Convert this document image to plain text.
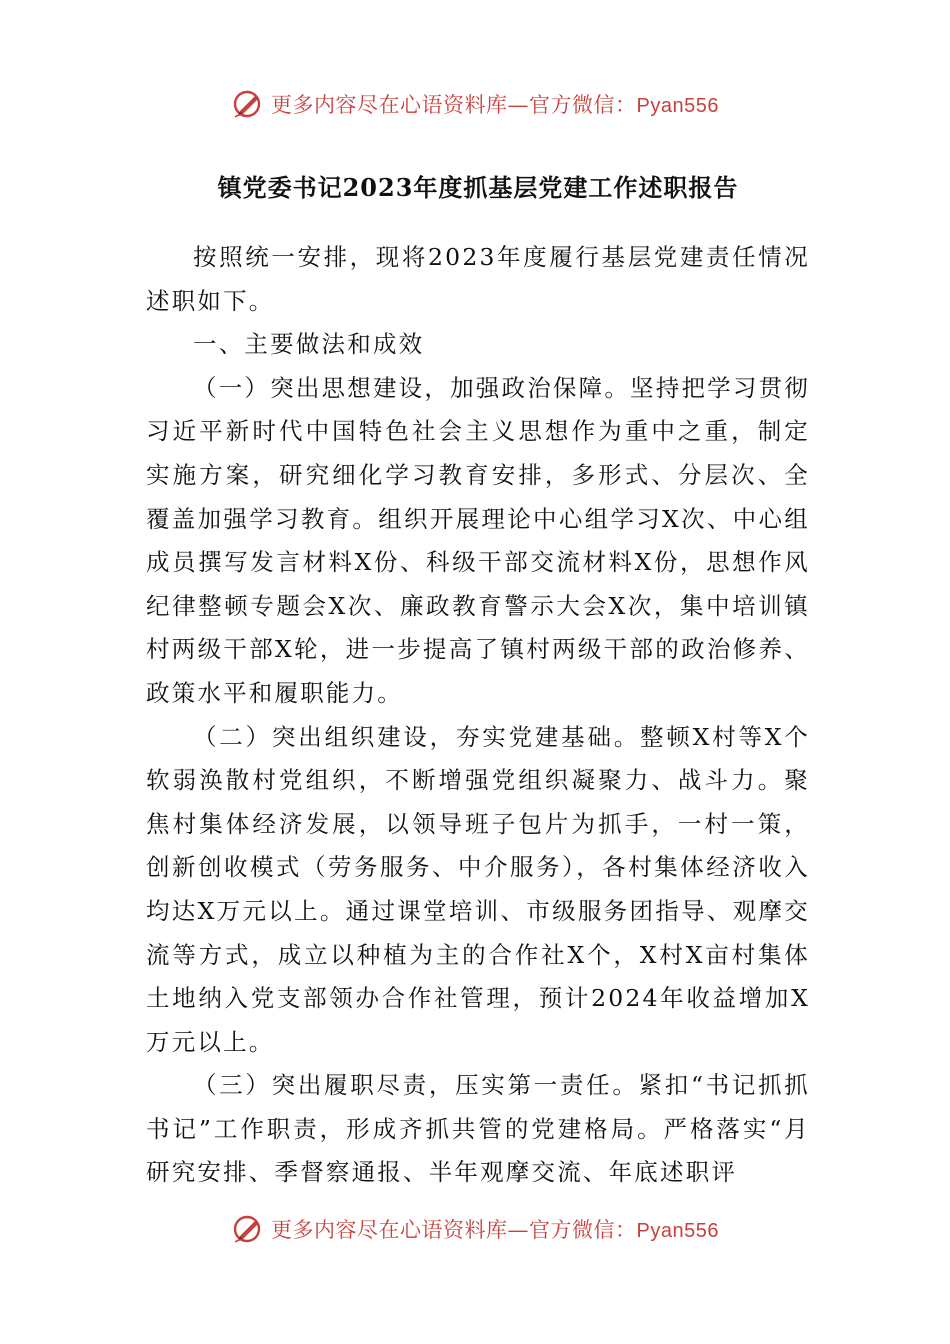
更多内容尽在心语资料库—官方微信：Pyan556
镇党委书记2023年度抓基层党建工作述职报告

按照统一安排，现将2023年度履行基层党建责任情况述职如下。

一、主要做法和成效

（一）突出思想建设，加强政治保障。坚持把学习贯彻习近平新时代中国特色社会主义思想作为重中之重，制定实施方案，研究细化学习教育安排，多形式、分层次、全覆盖加强学习教育。组织开展理论中心组学习X次、中心组成员撰写发言材料X份、科级干部交流材料X份，思想作风纪律整顿专题会X次、廉政教育警示大会X次，集中培训镇村两级干部X轮，进一步提高了镇村两级干部的政治修养、政策水平和履职能力。

（二）突出组织建设，夯实党建基础。整顿X村等X个软弱涣散村党组织，不断增强党组织凝聚力、战斗力。聚焦村集体经济发展，以领导班子包片为抓手，一村一策，创新创收模式（劳务服务、中介服务），各村集体经济收入均达X万元以上。通过课堂培训、市级服务团指导、观摩交流等方式，成立以种植为主的合作社X个，X村X亩村集体土地纳入党支部领办合作社管理，预计2024年收益增加X万元以上。

（三）突出履职尽责，压实第一责任。紧扣“书记抓抓书记”工作职责，形成齐抓共管的党建格局。严格落实“月研究安排、季督察通报、半年观摩交流、年底述职评

更多内容尽在心语资料库—官方微信：Pyan556
